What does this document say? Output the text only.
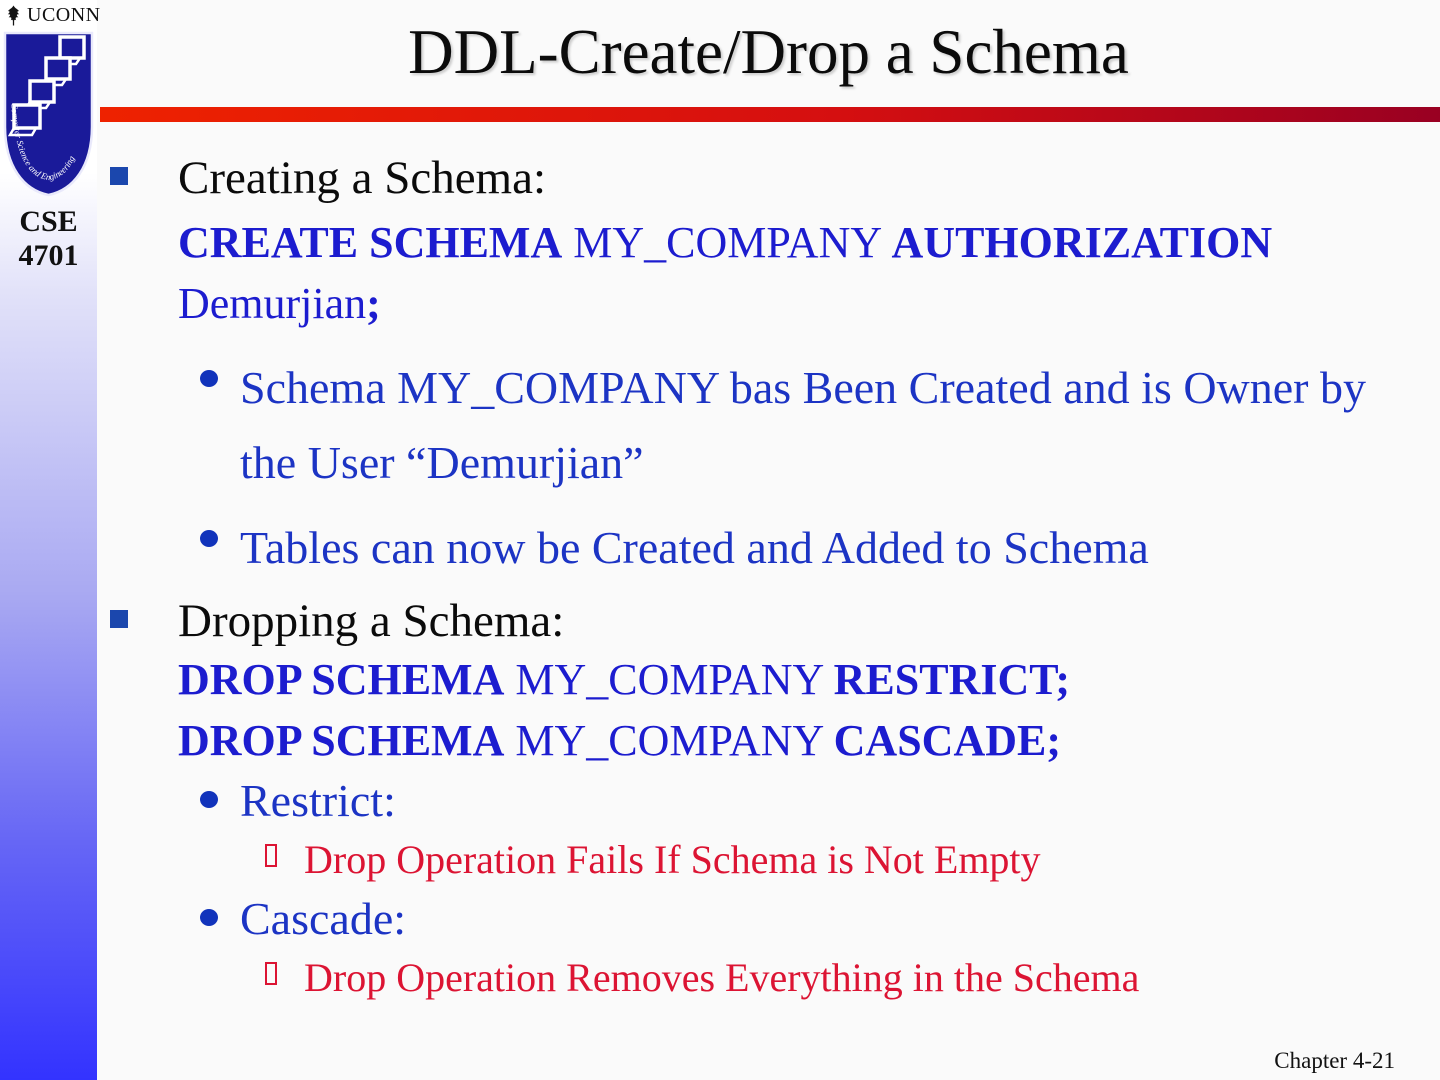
UCONN
Computer Science and Engineering
CSE
4701
DDL-Create/Drop a Schema
Creating a Schema:
CREATE SCHEMA MY_COMPANY AUTHORIZATION
Demurjian;
Schema MY_COMPANY bas Been Created and is Owner by the User “Demurjian”
Tables can now be Created and Added to Schema
Dropping a Schema:
DROP SCHEMA MY_COMPANY RESTRICT;
DROP SCHEMA MY_COMPANY CASCADE;
Restrict:
Drop Operation Fails If Schema is Not Empty
Cascade:
Drop Operation Removes Everything in the Schema
Chapter 4-21
